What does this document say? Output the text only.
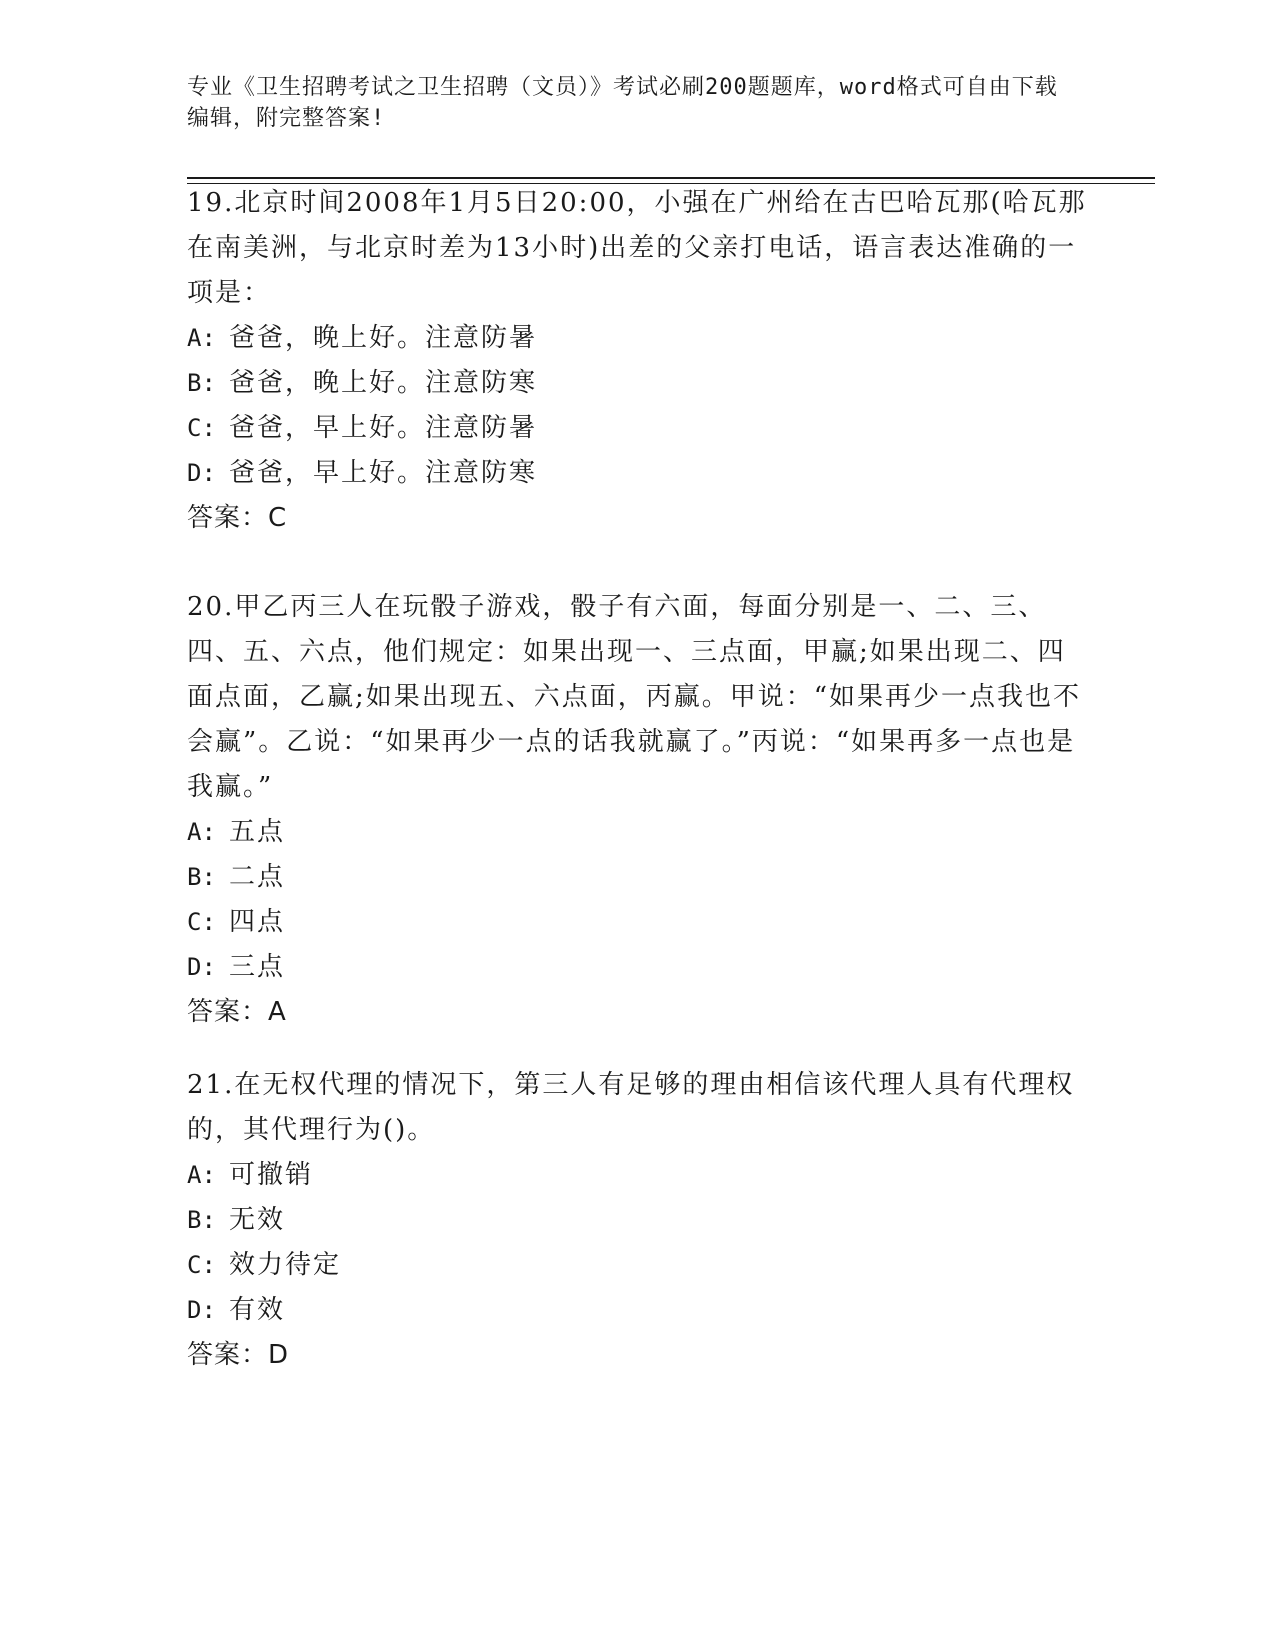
专业《卫生招聘考试之卫生招聘（文员）》考试必刷200题题库，word格式可自由下载编辑，附完整答案!

19.北京时间2008年1月5日20:00，小强在广州给在古巴哈瓦那(哈瓦那在南美洲，与北京时差为13小时)出差的父亲打电话，语言表达准确的一项是：

A: 爸爸，晚上好。注意防暑
B: 爸爸，晚上好。注意防寒
C: 爸爸，早上好。注意防暑
D: 爸爸，早上好。注意防寒
答案：C

20.甲乙丙三人在玩骰子游戏，骰子有六面，每面分别是一、二、三、四、五、六点，他们规定：如果出现一、三点面，甲赢;如果出现二、四面点面，乙赢;如果出现五、六点面，丙赢。甲说：“如果再少一点我也不会赢”。乙说：“如果再少一点的话我就赢了。”丙说：“如果再多一点也是我赢。”

A: 五点
B: 二点
C: 四点
D: 三点
答案：A

21.在无权代理的情况下，第三人有足够的理由相信该代理人具有代理权的，其代理行为()。

A: 可撤销
B: 无效
C: 效力待定
D: 有效
答案：D
